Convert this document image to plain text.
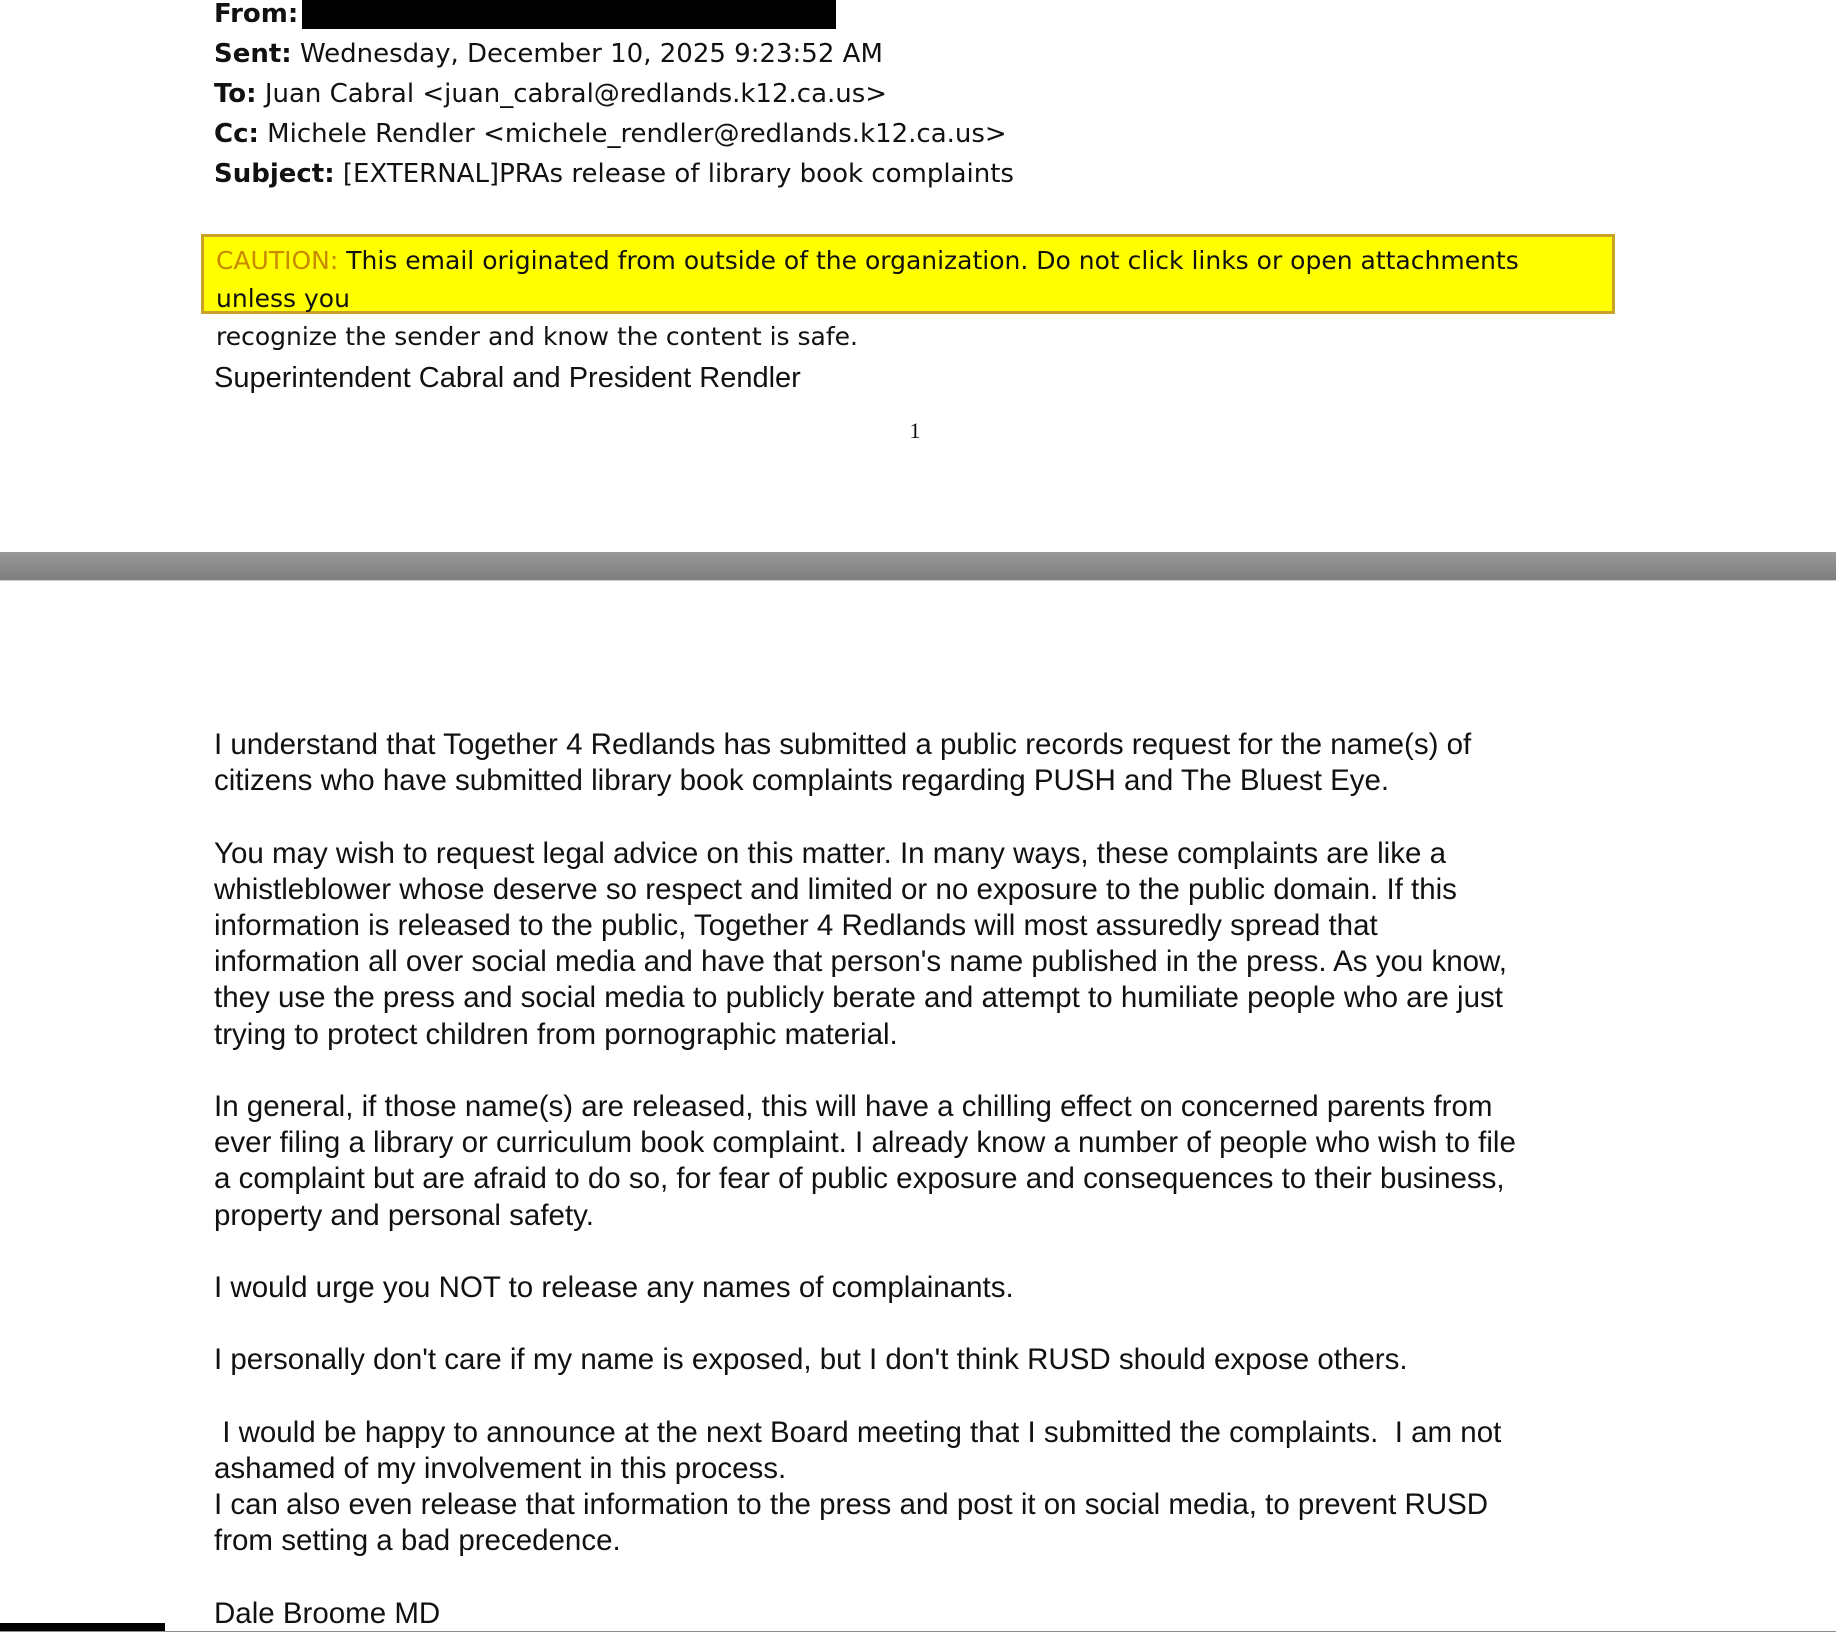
From:
Sent: Wednesday, December 10, 2025 9:23:52 AM
To: Juan Cabral <juan_cabral@redlands.k12.ca.us>
Cc: Michele Rendler <michele_rendler@redlands.k12.ca.us>
Subject: [EXTERNAL]PRAs release of library book complaints
CAUTION: This email originated from outside of the organization. Do not click links or open attachments unless you
recognize the sender and know the content is safe.
Superintendent Cabral and President Rendler
1
I understand that Together 4 Redlands has submitted a public records request for the name(s) of
citizens who have submitted library book complaints regarding PUSH and The Bluest Eye.
You may wish to request legal advice on this matter. In many ways, these complaints are like a
whistleblower whose deserve so respect and limited or no exposure to the public domain. If this
information is released to the public, Together 4 Redlands will most assuredly spread that
information all over social media and have that person's name published in the press. As you know,
they use the press and social media to publicly berate and attempt to humiliate people who are just
trying to protect children from pornographic material.
In general, if those name(s) are released, this will have a chilling effect on concerned parents from
ever filing a library or curriculum book complaint. I already know a number of people who wish to file
a complaint but are afraid to do so, for fear of public exposure and consequences to their business,
property and personal safety.
I would urge you NOT to release any names of complainants.
I personally don't care if my name is exposed, but I don't think RUSD should expose others.
I would be happy to announce at the next Board meeting that I submitted the complaints.  I am not
ashamed of my involvement in this process.
I can also even release that information to the press and post it on social media, to prevent RUSD
from setting a bad precedence.
Dale Broome MD
